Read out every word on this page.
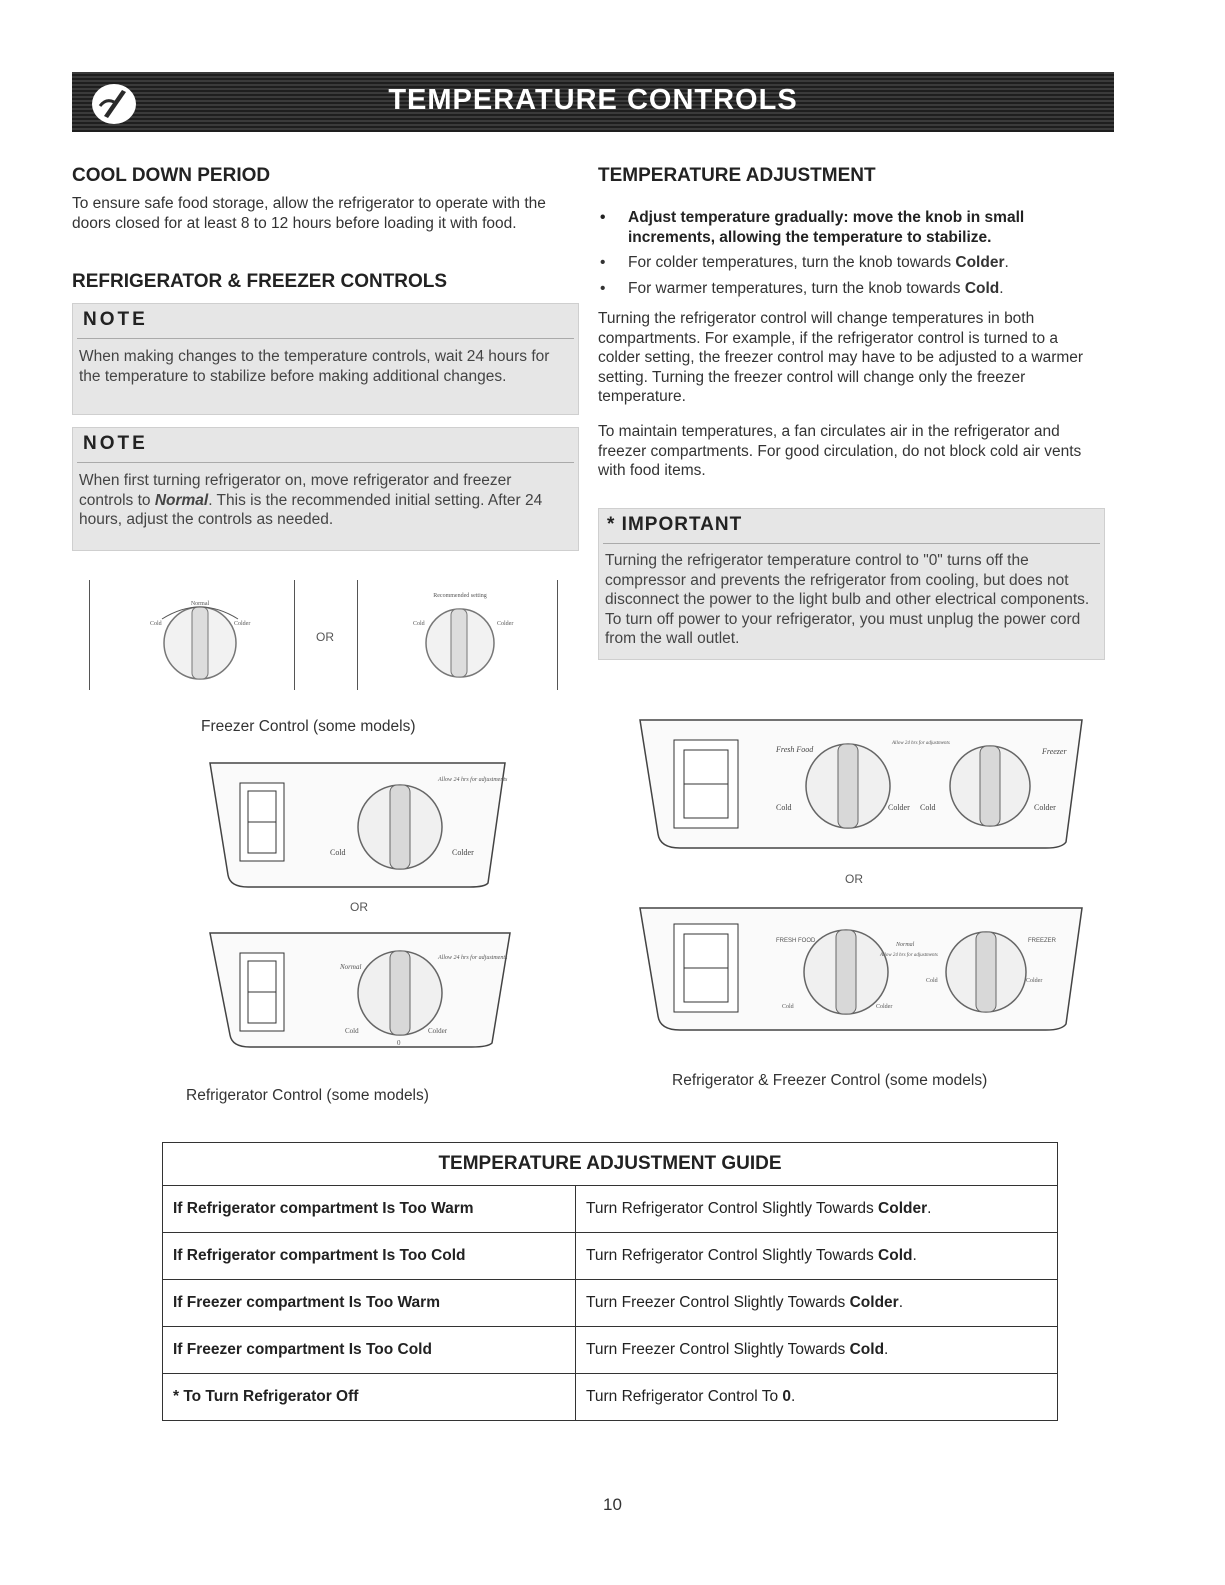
TEMPERATURE CONTROLS
COOL DOWN PERIOD

To ensure safe food storage, allow the refrigerator to operate with the doors closed for at least 8 to 12 hours before loading it with food.

REFRIGERATOR & FREEZER CONTROLS
NOTE
When making changes to the temperature controls, wait 24 hours for the temperature to stabilize before making additional changes.
NOTE
When first turning refrigerator on, move refrigerator and freezer controls to Normal. This is the recommended initial setting. After 24 hours, adjust the controls as needed.
Normal
Cold	Colder
OR
Recommended setting
Cold	Colder
Freezer Control (some models)
Cold	Colder
Allow 24 hrs for adjustments
OR
Normal
Cold	Colder
Allow 24 hrs for adjustments
0
Refrigerator Control (some models)
TEMPERATURE ADJUSTMENT
• Adjust temperature gradually: move the knob in small increments, allowing the temperature to stabilize.
• For colder temperatures, turn the knob towards Colder.
• For warmer temperatures, turn the knob towards Cold.

Turning the refrigerator control will change temperatures in both compartments. For example, if the refrigerator control is turned to a colder setting, the freezer control may have to be adjusted to a warmer setting. Turning the freezer control will change only the freezer temperature.

To maintain temperatures, a fan circulates air in the refrigerator and freezer compartments. For good circulation, do not block cold air vents with food items.

* IMPORTANT
Turning the refrigerator temperature control to "0" turns off the compressor and prevents the refrigerator from cooling, but does not disconnect the power to the light bulb and other electrical components. To turn off power to your refrigerator, you must unplug the power cord from the wall outlet.
Fresh Food	Freezer
Cold	Colder Cold	Colder
Allow 24 hrs for adjustments
OR
FRESH FOOD	FREEZER
Normal
Allow 24 hrs for adjustments
Cold	Colder
Cold	Colder
Refrigerator & Freezer Control (some models)
TEMPERATURE ADJUSTMENT GUIDE	
If Refrigerator compartment Is Too Warm	Turn Refrigerator Control Slightly Towards Colder.
If Refrigerator compartment Is Too Cold	Turn Refrigerator Control Slightly Towards Cold.
If Freezer compartment Is Too Warm	Turn Freezer Control Slightly Towards Colder.
If Freezer compartment Is Too Cold	Turn Freezer Control Slightly Towards Cold.
* To Turn Refrigerator Off	Turn Refrigerator Control To 0.
10
